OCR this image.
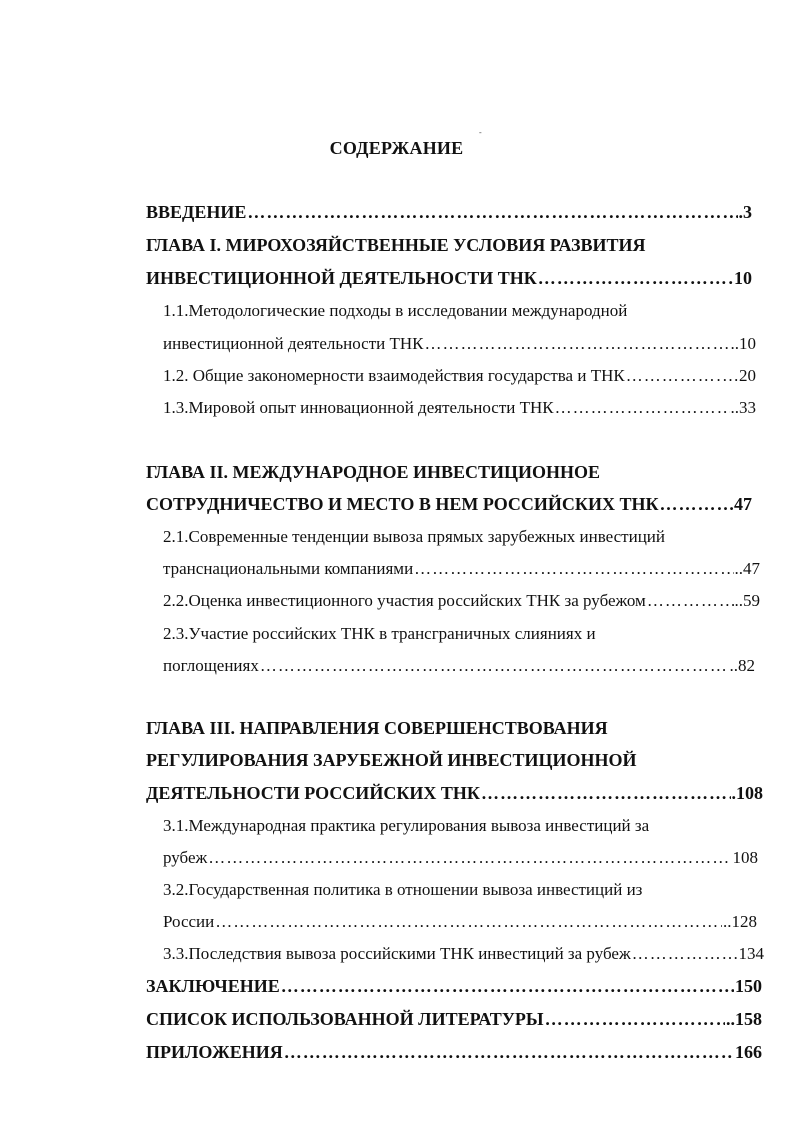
-
СОДЕРЖАНИЕ
ВВЕДЕНИЕ ………………………………………………………………………………………………………………………………………………………………………………	.3
ГЛАВА I. МИРОХОЗЯЙСТВЕННЫЕ УСЛОВИЯ РАЗВИТИЯ
ИНВЕСТИЦИОННОЙ ДЕЯТЕЛЬНОСТИ ТНК ………………………………………………………………………………………………………………………………………………………………………………	10
1.1.Методологические подходы в исследовании международной
инвестиционной деятельности ТНК ………………………………………………………………………………………………………………………………………………………………………………	..10
1.2. Общие закономерности взаимодействия государства и ТНК ………………………………………………………………………………………………………………………………………………………………………………	…20
1.3.Мировой опыт инновационной деятельности ТНК ………………………………………………………………………………………………………………………………………………………………………………	..33
ГЛАВА II. МЕЖДУНАРОДНОЕ ИНВЕСТИЦИОННОЕ
СОТРУДНИЧЕСТВО И МЕСТО В НЕМ РОССИЙСКИХ ТНК ………………………………………………………………………………………………………………………………………………………………………………	47
2.1.Современные тенденции вывоза прямых зарубежных инвестиций
транснациональными компаниями ………………………………………………………………………………………………………………………………………………………………………………	..47
2.2.Оценка инвестиционного участия российских ТНК за рубежом ………………………………………………………………………………………………………………………………………………………………………………	..59
2.3.Участие российских ТНК в трансграничных слияниях и
поглощениях ………………………………………………………………………………………………………………………………………………………………………………	..82
ГЛАВА III. НАПРАВЛЕНИЯ СОВЕРШЕНСТВОВАНИЯ
РЕГУЛИРОВАНИЯ ЗАРУБЕЖНОЙ ИНВЕСТИЦИОННОЙ
ДЕЯТЕЛЬНОСТИ РОССИЙСКИХ ТНК ………………………………………………………………………………………………………………………………………………………………………………	.108
3.1.Международная практика регулирования вывоза инвестиций за
рубеж ………………………………………………………………………………………………………………………………………………………………………………	108
3.2.Государственная политика в отношении вывоза инвестиций из
России ………………………………………………………………………………………………………………………………………………………………………………	..128
3.3.Последствия вывоза российскими ТНК инвестиций за рубеж ………………………………………………………………………………………………………………………………………………………………………………	…134
ЗАКЛЮЧЕНИЕ ………………………………………………………………………………………………………………………………………………………………………………	150
СПИСОК ИСПОЛЬЗОВАННОЙ ЛИТЕРАТУРЫ ………………………………………………………………………………………………………………………………………………………………………………	..158
ПРИЛОЖЕНИЯ ………………………………………………………………………………………………………………………………………………………………………………	166
